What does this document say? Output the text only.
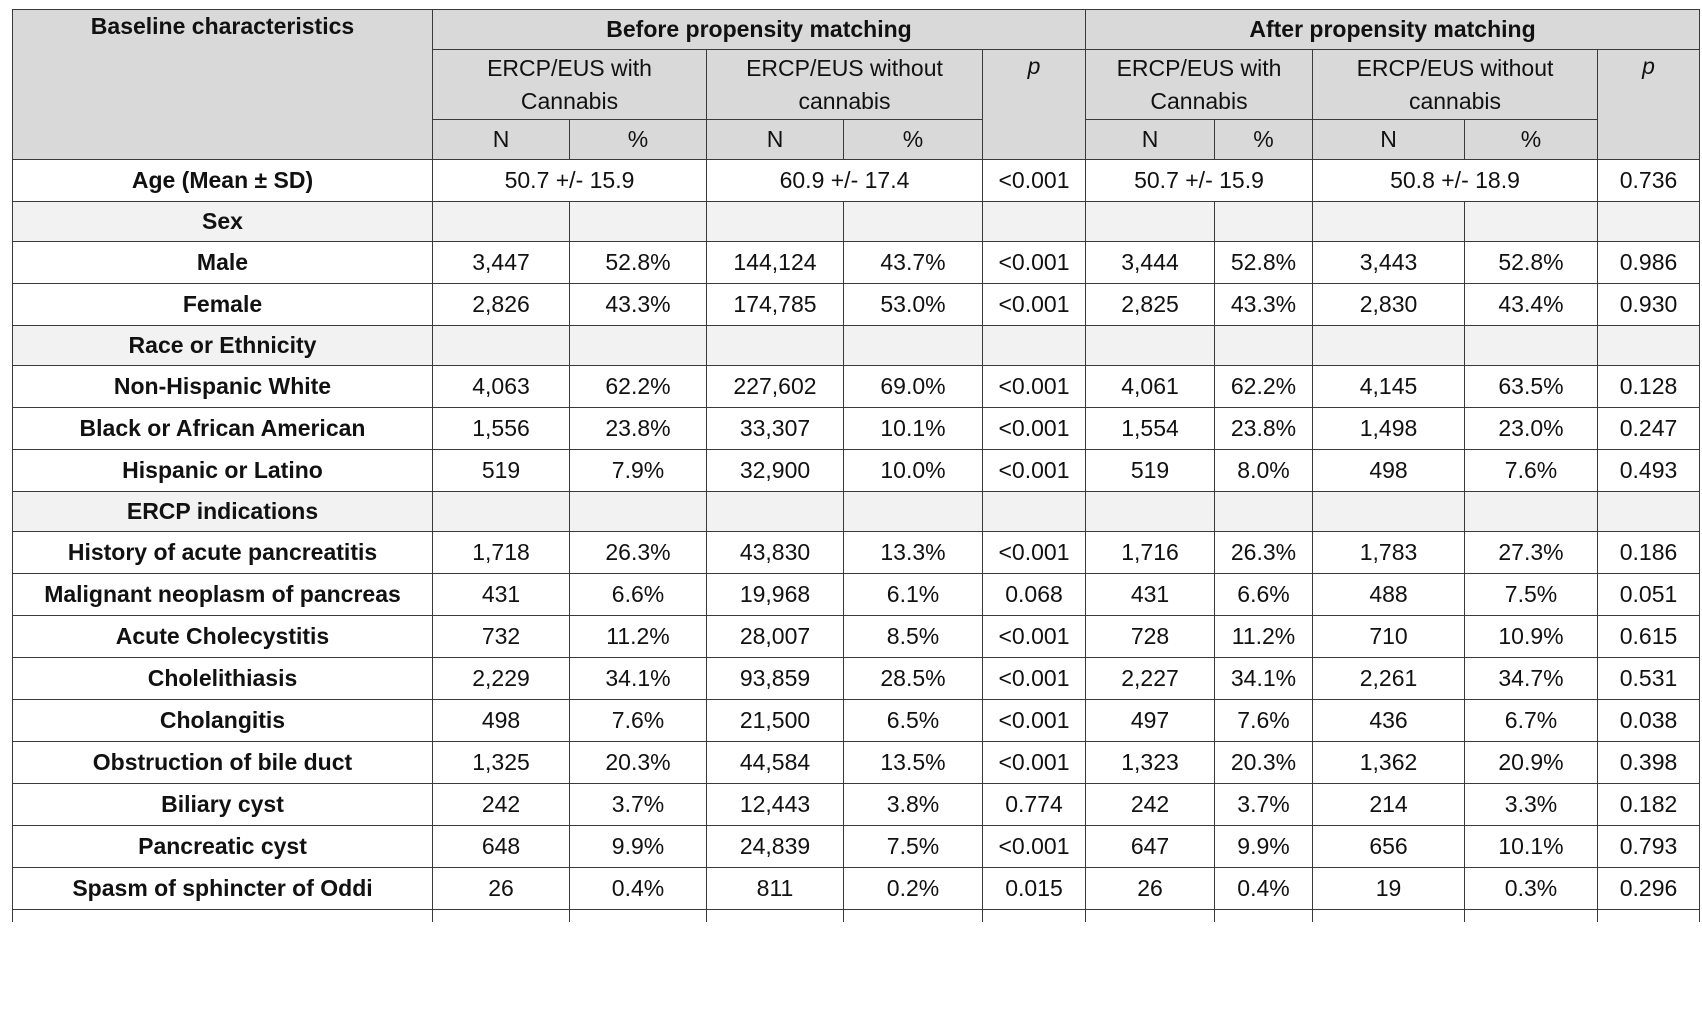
Baseline characteristics	Before propensity matching					After propensity matching				
	ERCP/EUS with Cannabis		ERCP/EUS without cannabis		p	ERCP/EUS with Cannabis		ERCP/EUS without cannabis		p
	N	%	N	%		N	%	N	%	
Age (Mean ± SD)	50.7 +/- 15.9		60.9 +/- 17.4		<0.001	50.7 +/- 15.9		50.8 +/- 18.9		0.736
Sex										
Male	3,447	52.8%	144,124	43.7%	<0.001	3,444	52.8%	3,443	52.8%	0.986
Female	2,826	43.3%	174,785	53.0%	<0.001	2,825	43.3%	2,830	43.4%	0.930
Race or Ethnicity										
Non-Hispanic White	4,063	62.2%	227,602	69.0%	<0.001	4,061	62.2%	4,145	63.5%	0.128
Black or African American	1,556	23.8%	33,307	10.1%	<0.001	1,554	23.8%	1,498	23.0%	0.247
Hispanic or Latino	519	7.9%	32,900	10.0%	<0.001	519	8.0%	498	7.6%	0.493
ERCP indications										
History of acute pancreatitis	1,718	26.3%	43,830	13.3%	<0.001	1,716	26.3%	1,783	27.3%	0.186
Malignant neoplasm of pancreas	431	6.6%	19,968	6.1%	0.068	431	6.6%	488	7.5%	0.051
Acute Cholecystitis	732	11.2%	28,007	8.5%	<0.001	728	11.2%	710	10.9%	0.615
Cholelithiasis	2,229	34.1%	93,859	28.5%	<0.001	2,227	34.1%	2,261	34.7%	0.531
Cholangitis	498	7.6%	21,500	6.5%	<0.001	497	7.6%	436	6.7%	0.038
Obstruction of bile duct	1,325	20.3%	44,584	13.5%	<0.001	1,323	20.3%	1,362	20.9%	0.398
Biliary cyst	242	3.7%	12,443	3.8%	0.774	242	3.7%	214	3.3%	0.182
Pancreatic cyst	648	9.9%	24,839	7.5%	<0.001	647	9.9%	656	10.1%	0.793
Spasm of sphincter of Oddi	26	0.4%	811	0.2%	0.015	26	0.4%	19	0.3%	0.296
